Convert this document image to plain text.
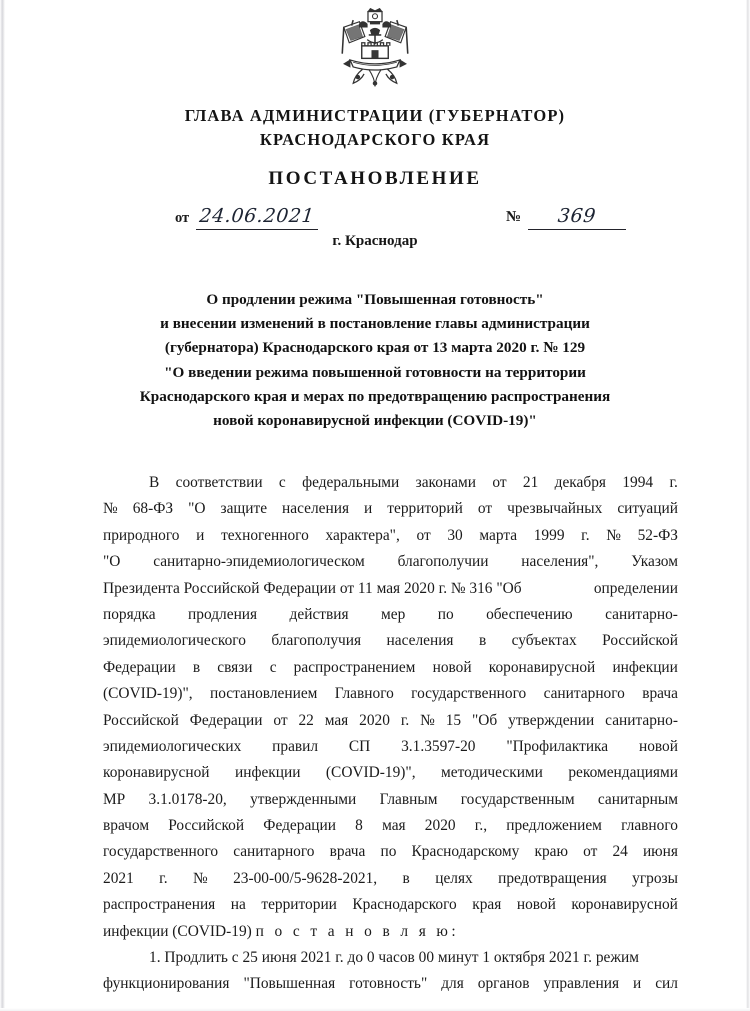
ГЛАВА АДМИНИСТРАЦИИ (ГУБЕРНАТОР)
КРАСНОДАРСКОГО КРАЯ
ПОСТАНОВЛЕНИЕ
от 24.06.2021	№	369
г. Краснодар
О продлении режима "Повышенная готовность"
и внесении изменений в постановление главы администрации
(губернатора) Краснодарского края от 13 марта 2020 г. № 129
"О введении режима повышенной готовности на территории
Краснодарского края и мерах по предотвращению распространения
новой коронавирусной инфекции (COVID-19)"
В соответствии с федеральными законами от 21 декабря 1994 г.
№ 68-ФЗ "О защите населения и территорий от чрезвычайных ситуаций
природного и техногенного характера", от 30 марта 1999 г. № 52-ФЗ
"О санитарно-эпидемиологическом благополучии населения", Указом
Президента Российской Федерации от 11 мая 2020 г. № 316 "Об	определении
порядка продления действия мер по обеспечению санитарно-
эпидемиологического благополучия населения в субъектах Российской
Федерации в связи с распространением новой коронавирусной инфекции
(COVID-19)", постановлением Главного государственного санитарного врача
Российской Федерации от 22 мая 2020 г. № 15 "Об утверждении санитарно-
эпидемиологических правил СП 3.1.3597-20 "Профилактика новой
коронавирусной инфекции (COVID-19)", методическими рекомендациями
МР 3.1.0178-20, утвержденными Главным государственным санитарным
врачом Российской Федерации 8 мая 2020 г., предложением главного
государственного санитарного врача по Краснодарскому краю от 24 июня
2021 г. № 23-00-00/5-9628-2021, в целях предотвращения угрозы
распространения на территории Краснодарского края новой коронавирусной
инфекции (COVID-19) п о с т а н о в л я ю:
1. Продлить с 25 июня 2021 г. до 0 часов 00 минут 1 октября 2021 г. режим
функционирования "Повышенная готовность" для органов управления и сил
